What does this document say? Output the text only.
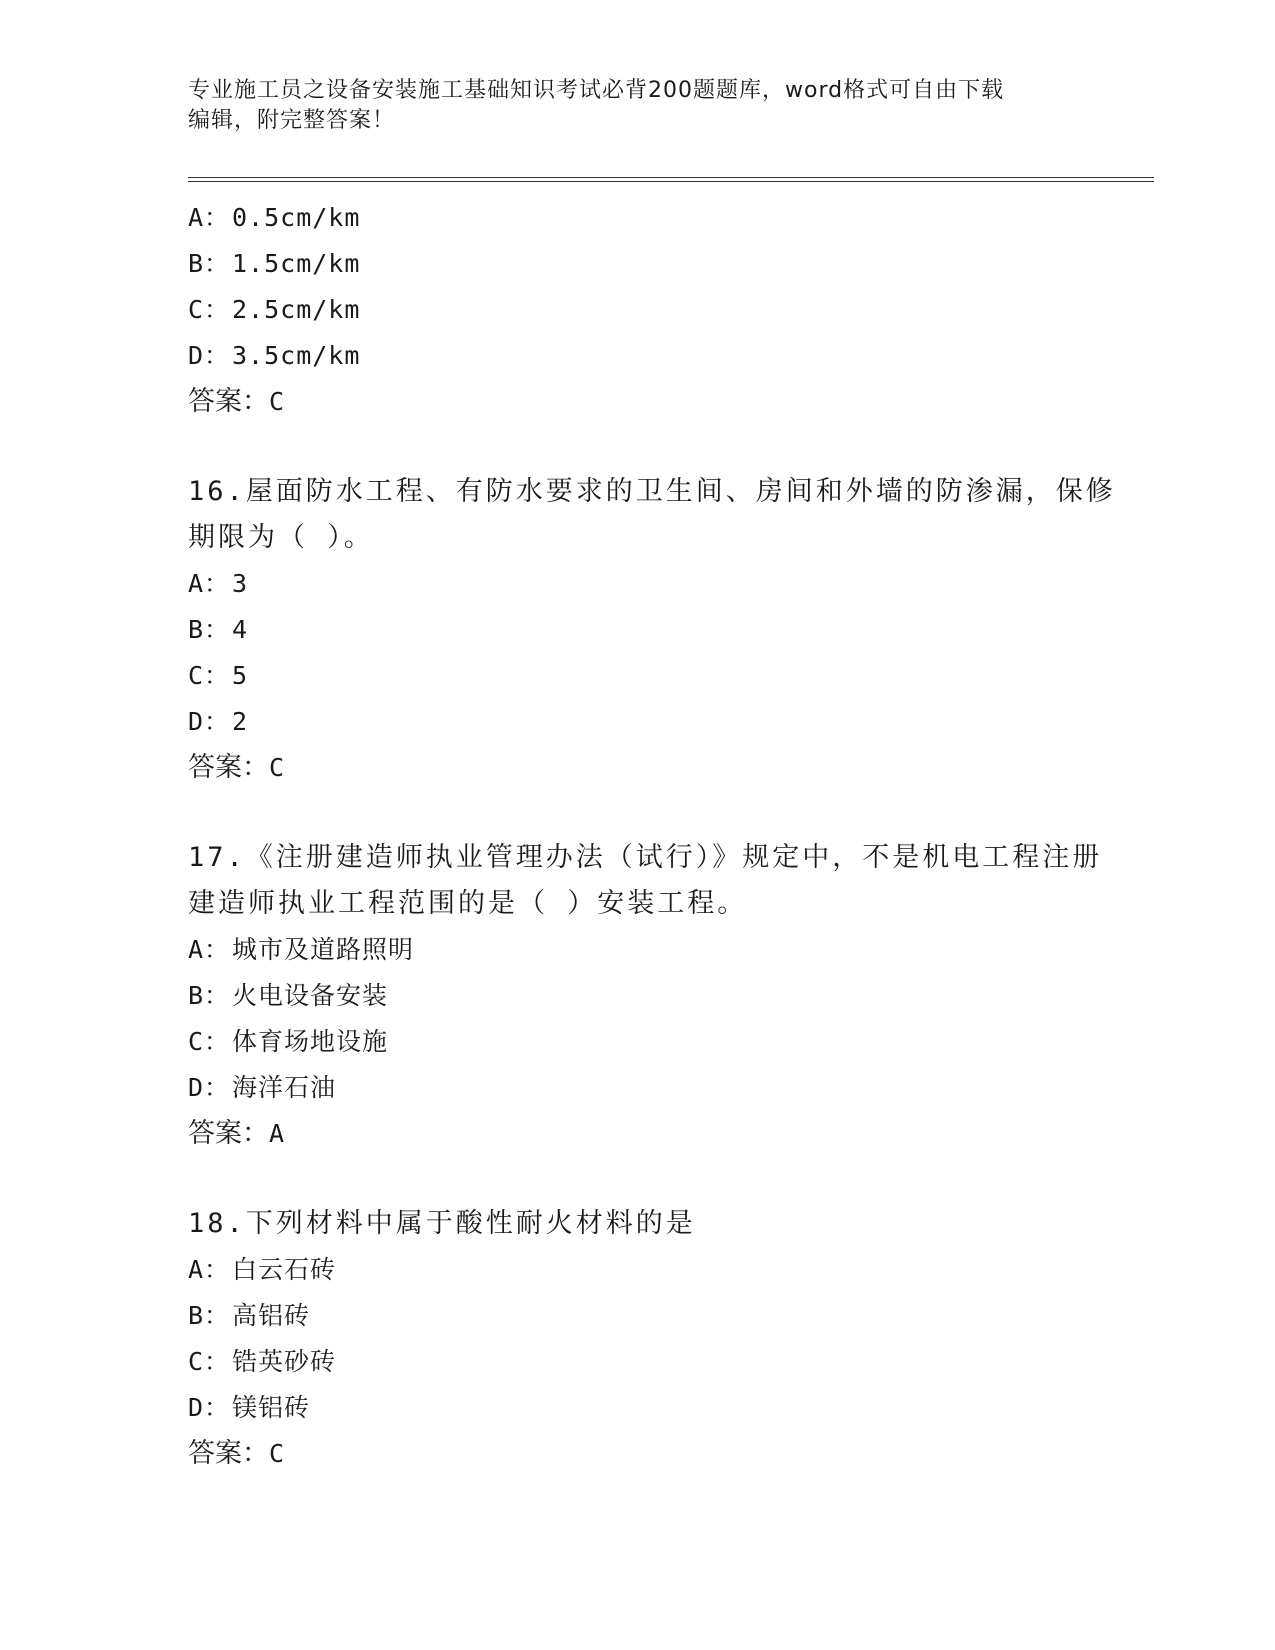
专业施工员之设备安装施工基础知识考试必背200题题库，word格式可自由下载
编辑，附完整答案！
A：0.5cm/km
B：1.5cm/km
C：2.5cm/km
D：3.5cm/km
答案：C
16.屋面防水工程、有防水要求的卫生间、房间和外墙的防渗漏，保修
期限为（ ）。
A：3
B：4
C：5
D：2
答案：C
17.《注册建造师执业管理办法（试行）》规定中，不是机电工程注册
建造师执业工程范围的是（ ）安装工程。
A：城市及道路照明
B：火电设备安装
C：体育场地设施
D：海洋石油
答案：A
18.下列材料中属于酸性耐火材料的是
A：白云石砖
B：高铝砖
C：锆英砂砖
D：镁铝砖
答案：C
